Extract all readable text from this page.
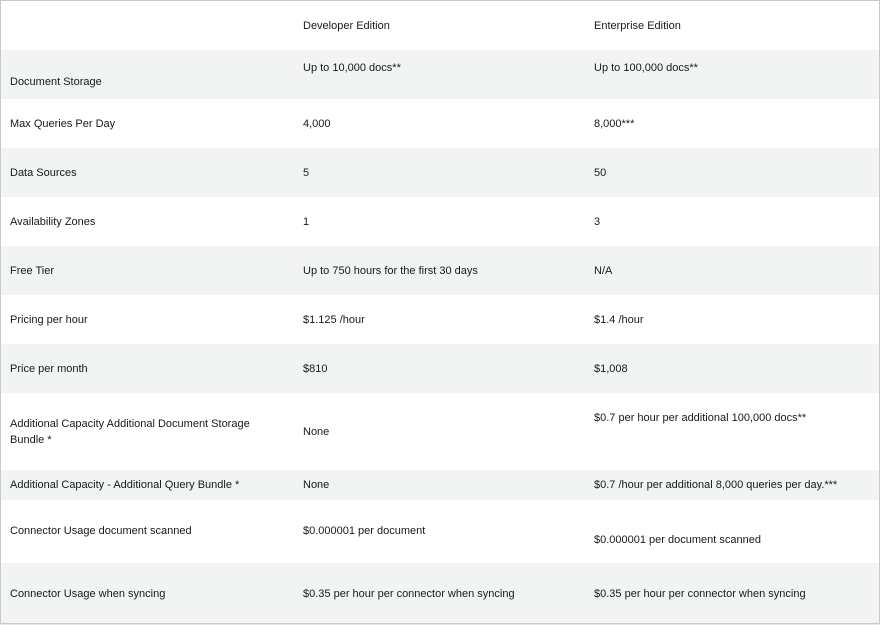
	Developer Edition	Enterprise Edition
Document Storage	Up to 10,000 docs**	Up to 100,000 docs**
Max Queries Per Day	4,000	8,000***
Data Sources	5	50
Availability Zones	1	3
Free Tier	Up to 750 hours for the first 30 days	N/A
Pricing per hour	$1.125 /hour	$1.4 /hour
Price per month	$810	$1,008
Additional Capacity Additional Document Storage Bundle *	None	$0.7 per hour per additional 100,000 docs**
Additional Capacity - Additional Query Bundle *	None	$0.7 /hour per additional 8,000 queries per day.***
Connector Usage document scanned	$0.000001 per document	$0.000001 per document scanned
Connector Usage when syncing	$0.35 per hour per connector when syncing	$0.35 per hour per connector when syncing
